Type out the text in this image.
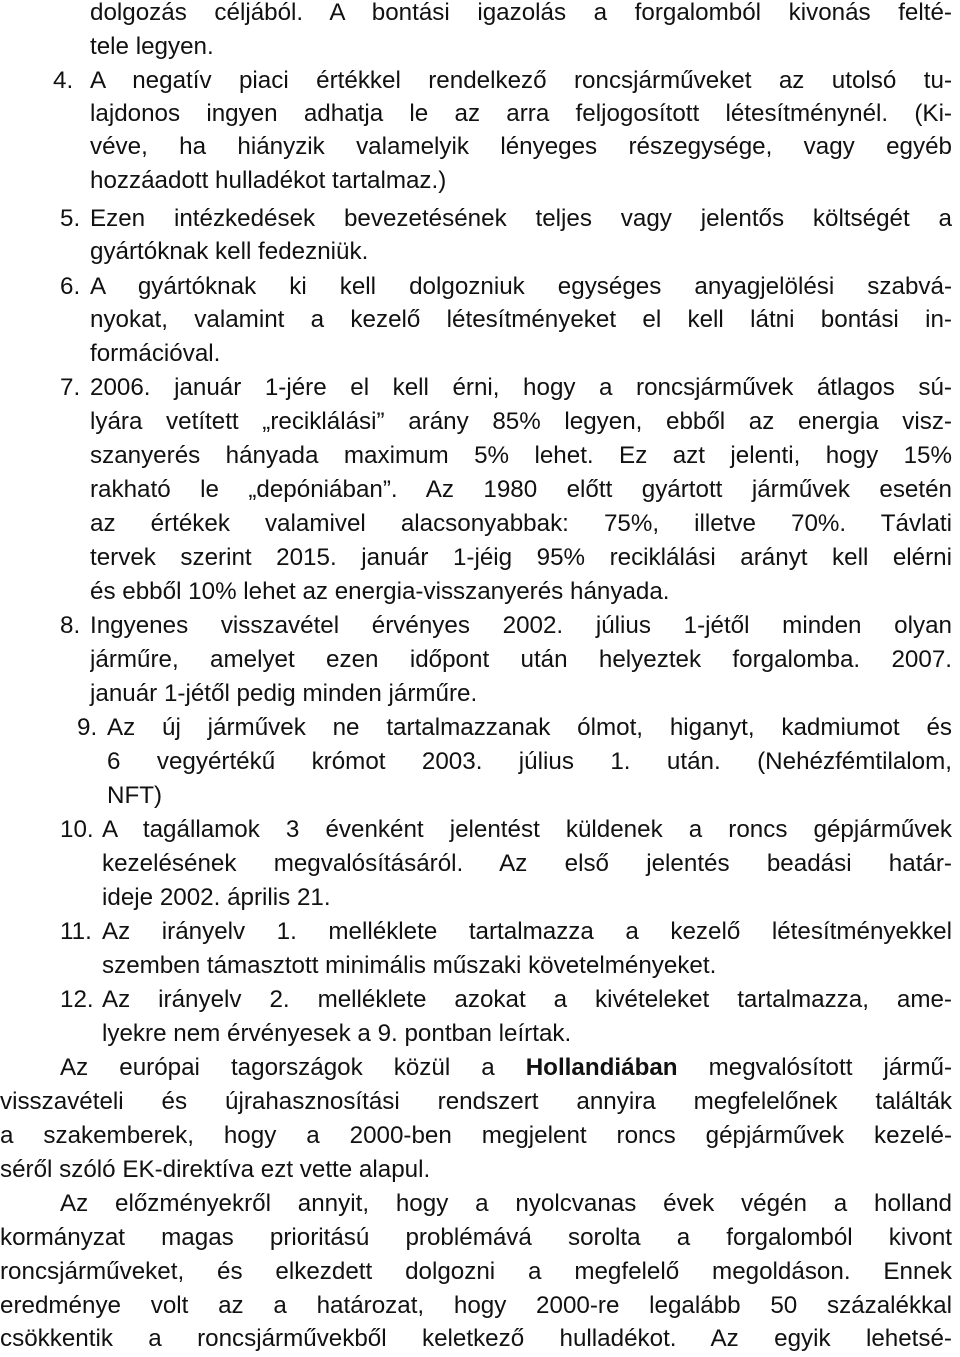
dolgozás céljából. A bontási igazolás a forgalomból kivonás felté-

tele legyen.

4. A negatív piaci értékkel rendelkező roncsjárműveket az utolsó tu-

lajdonos ingyen adhatja le az arra feljogosított létesítménynél. (Ki-

véve, ha hiányzik valamelyik lényeges részegysége, vagy egyéb

hozzáadott hulladékot tartalmaz.)

5. Ezen intézkedések bevezetésének teljes vagy jelentős költségét a

gyártóknak kell fedezniük.

6. A gyártóknak ki kell dolgozniuk egységes anyagjelölési szabvá-

nyokat, valamint a kezelő létesítményeket el kell látni bontási in-

formációval.

7. 2006. január 1-jére el kell érni, hogy a roncsjárművek átlagos sú-

lyára vetített „reciklálási” arány 85% legyen, ebből az energia visz-

szanyerés hányada maximum 5% lehet. Ez azt jelenti, hogy 15%

rakható le „depóniában”. Az 1980 előtt gyártott járművek esetén

az értékek valamivel alacsonyabbak: 75%, illetve 70%. Távlati

tervek szerint 2015. január 1-jéig 95% reciklálási arányt kell elérni

és ebből 10% lehet az energia-visszanyerés hányada.

8. Ingyenes visszavétel érvényes 2002. július 1-jétől minden olyan

járműre, amelyet ezen időpont után helyeztek forgalomba. 2007.

január 1-jétől pedig minden járműre.

9. Az új járművek ne tartalmazzanak ólmot, higanyt, kadmiumot és

6 vegyértékű krómot 2003. július 1. után. (Nehézfémtilalom,

NFT)

10. A tagállamok 3 évenként jelentést küldenek a roncs gépjárművek

kezelésének megvalósításáról. Az első jelentés beadási határ-

ideje 2002. április 21.

11. Az irányelv 1. melléklete tartalmazza a kezelő létesítményekkel

szemben támasztott minimális műszaki követelményeket.

12. Az irányelv 2. melléklete azokat a kivételeket tartalmazza, ame-

lyekre nem érvényesek a 9. pontban leírtak.

Az európai tagországok közül a Hollandiában megvalósított jármű-

visszavételi és újrahasznosítási rendszert annyira megfelelőnek találták

a szakemberek, hogy a 2000-ben megjelent roncs gépjárművek kezelé-

séről szóló EK-direktíva ezt vette alapul.

Az előzményekről annyit, hogy a nyolcvanas évek végén a holland

kormányzat magas prioritású problémává sorolta a forgalomból kivont

roncsjárműveket, és elkezdett dolgozni a megfelelő megoldáson. Ennek

eredménye volt az a határozat, hogy 2000-re legalább 50 százalékkal

csökkentik a roncsjárművekből keletkező hulladékot. Az egyik lehetsé-
